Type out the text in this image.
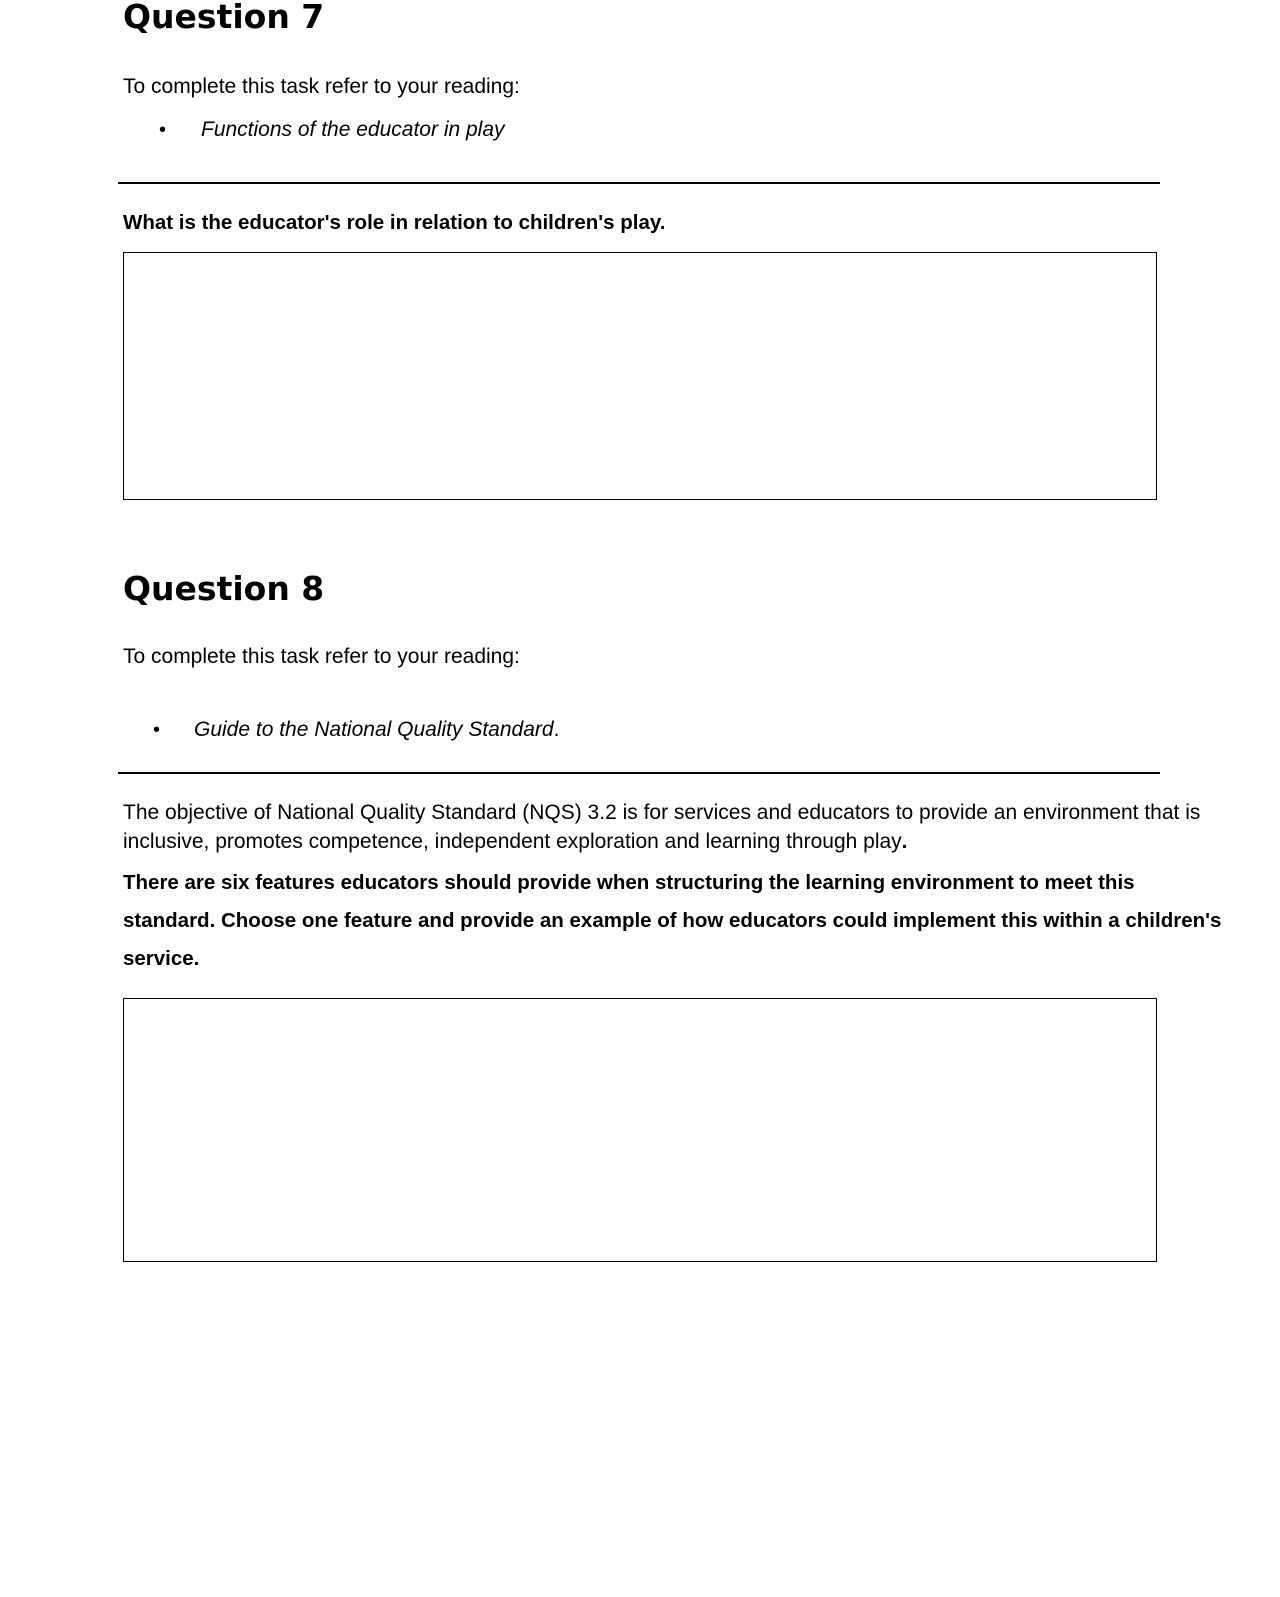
Question 7

To complete this task refer to your reading:

• Functions of the educator in play

What is the educator's role in relation to children's play.

Question 8

To complete this task refer to your reading:

• Guide to the National Quality Standard.

The objective of National Quality Standard (NQS) 3.2 is for services and educators to provide an environment that is inclusive, promotes competence, independent exploration and learning through play.

There are six features educators should provide when structuring the learning environment to meet this standard. Choose one feature and provide an example of how educators could implement this within a children's service.
